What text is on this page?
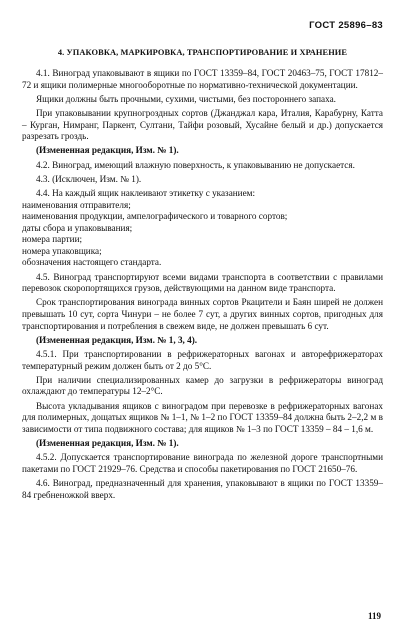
ГОСТ 25896–83
4. УПАКОВКА, МАРКИРОВКА, ТРАНСПОРТИРОВАНИЕ И ХРАНЕНИЕ

4.1. Виноград упаковывают в ящики по ГОСТ 13359–84, ГОСТ 20463–75, ГОСТ 17812–72 и ящики полимерные многооборотные по нормативно-технической документации.

Ящики должны быть прочными, сухими, чистыми, без постороннего запаха.

При упаковывании крупногроздных сортов (Джанджал кара, Италия, Карабурну, Катта – Курган, Нимранг, Паркент, Султани, Тайфи розовый, Хусайне белый и др.) допускается разрезать гроздь.

(Измененная редакция, Изм. № 1).

4.2. Виноград, имеющий влажную поверхность, к упаковыванию не допускается.

4.3. (Исключен, Изм. № 1).

4.4. На каждый ящик наклеивают этикетку с указанием:

наименования отправителя;

наименования продукции, ампелографического и товарного сортов;

даты сбора и упаковывания;

номера партии;

номера упаковщика;

обозначения настоящего стандарта.

4.5. Виноград транспортируют всеми видами транспорта в соответствии с правилами перевозок скоропортящихся грузов, действующими на данном виде транспорта.

Срок транспортирования винограда винных сортов Ркацители и Баян ширей не должен превышать 10 сут, сорта Чинури – не более 7 сут, а других винных сортов, пригодных для транспортирования и потребления в свежем виде, не должен превышать 6 сут.

(Измененная редакция, Изм. № 1, 3, 4).

4.5.1. При транспортировании в рефрижераторных вагонах и авторефрижераторах температурный режим должен быть от 2 до 5°С.

При наличии специализированных камер до загрузки в рефрижераторы виноград охлаждают до температуры 12–2°С.

Высота укладывания ящиков с виноградом при перевозке в рефрижераторных вагонах для полимерных, дощатых ящиков № 1–1, № 1–2 по ГОСТ 13359–84 должна быть 2–2,2 м в зависимости от типа подвижного состава; для ящиков № 1–3 по ГОСТ 13359 – 84 – 1,6 м.

(Измененная редакция, Изм. № 1).

4.5.2. Допускается транспортирование винограда по железной дороге транспортными пакетами по ГОСТ 21929–76. Средства и способы пакетирования по ГОСТ 21650–76.

4.6. Виноград, предназначенный для хранения, упаковывают в ящики по ГОСТ 13359–84 гребненожкой вверх.

119
